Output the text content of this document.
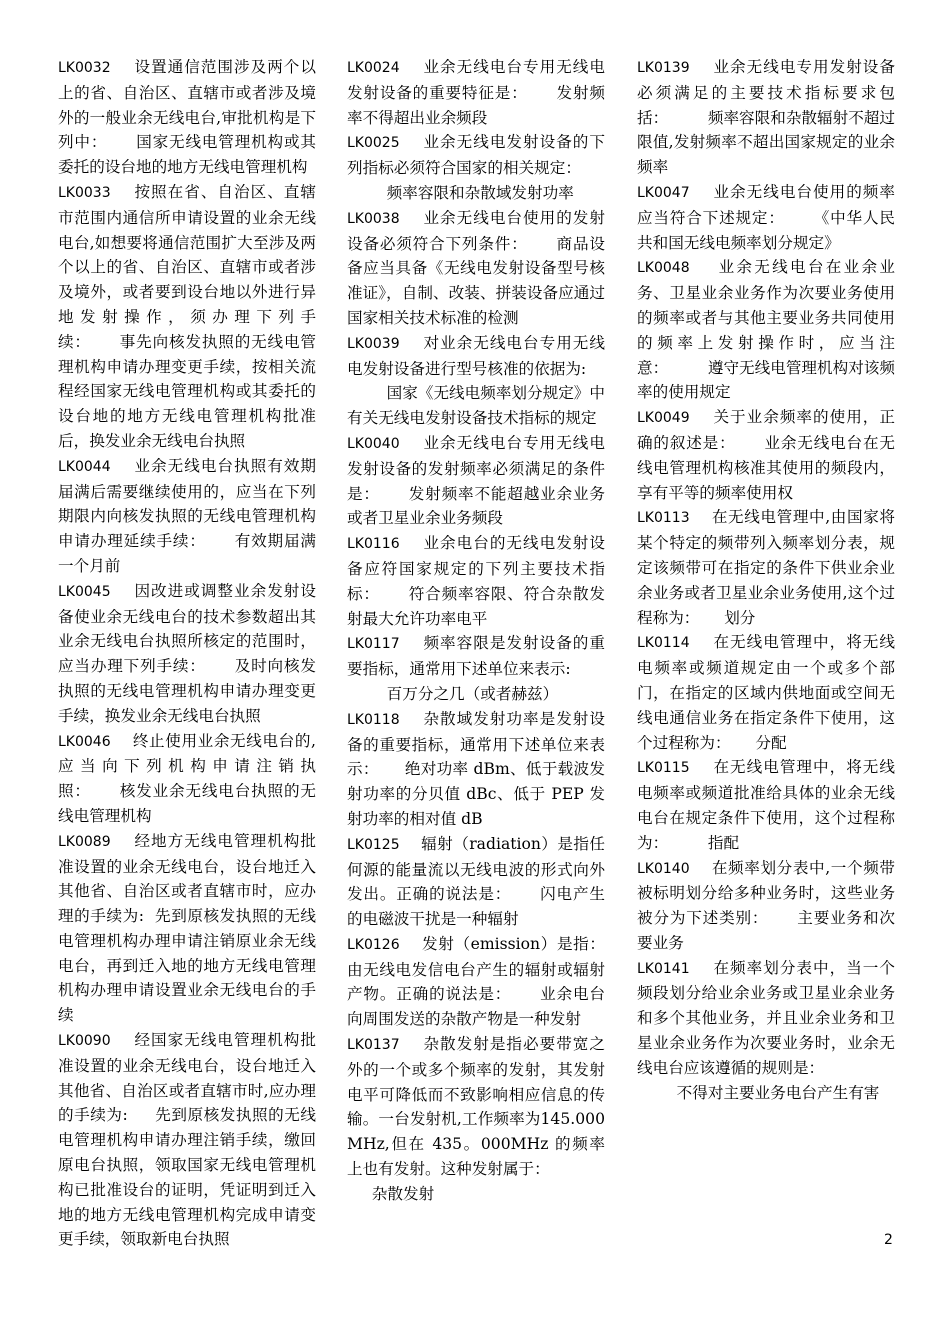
LK0032 设置通信范围涉及两个以上的省、自治区、直辖市或者涉及境外的一般业余无线电台,审批机构是下列中： 国家无线电管理机构或其委托的设台地的地方无线电管理机构

LK0033 按照在省、自治区、直辖市范围内通信所申请设置的业余无线电台,如想要将通信范围扩大至涉及两个以上的省、自治区、直辖市或者涉及境外，或者要到设台地以外进行异地发射操作，须办理下列手续： 事先向核发执照的无线电管理机构申请办理变更手续，按相关流程经国家无线电管理机构或其委托的设台地的地方无线电管理机构批准后，换发业余无线电台执照

LK0044 业余无线电台执照有效期届满后需要继续使用的，应当在下列期限内向核发执照的无线电管理机构申请办理延续手续： 有效期届满一个月前

LK0045 因改进或调整业余发射设备使业余无线电台的技术参数超出其业余无线电台执照所核定的范围时，应当办理下列手续： 及时向核发执照的无线电管理机构申请办理变更手续，换发业余无线电台执照

LK0046 终止使用业余无线电台的,应当向下列机构申请注销执照： 核发业余无线电台执照的无线电管理机构

LK0089 经地方无线电管理机构批准设置的业余无线电台，设台地迁入其他省、自治区或者直辖市时，应办理的手续为: 先到原核发执照的无线电管理机构办理申请注销原业余无线电台，再到迁入地的地方无线电管理机构办理申请设置业余无线电台的手续

LK0090 经国家无线电管理机构批准设置的业余无线电台，设台地迁入其他省、自治区或者直辖市时,应办理的手续为: 先到原核发执照的无线电管理机构申请办理注销手续，缴回原电台执照，领取国家无线电管理机构已批准设台的证明，凭证明到迁入地的地方无线电管理机构完成申请变更手续，领取新电台执照

LK0024 业余无线电台专用无线电发射设备的重要特征是： 发射频率不得超出业余频段

LK0025 业余无线电发射设备的下列指标必须符合国家的相关规定：
频率容限和杂散域发射功率

LK0038 业余无线电台使用的发射设备必须符合下列条件： 商品设备应当具备《无线电发射设备型号核准证》，自制、改装、拼装设备应通过国家相关技术标准的检测

LK0039 对业余无线电台专用无线电发射设备进行型号核准的依据为:
国家《无线电频率划分规定》中有关无线电发射设备技术指标的规定

LK0040 业余无线电台专用无线电发射设备的发射频率必须满足的条件是： 发射频率不能超越业余业务或者卫星业余业务频段

LK0116 业余电台的无线电发射设备应符国家规定的下列主要技术指标： 符合频率容限、符合杂散发射最大允许功率电平

LK0117 频率容限是发射设备的重要指标，通常用下述单位来表示:
百万分之几（或者赫兹）

LK0118 杂散域发射功率是发射设备的重要指标，通常用下述单位来表示： 绝对功率 dBm、低于载波发射功率的分贝值 dBc、低于 PEP 发射功率的相对值 dB

LK0125 辐射（radiation）是指任何源的能量流以无线电波的形式向外发出。正确的说法是： 闪电产生的电磁波干扰是一种辐射

LK0126 发射（emission）是指：由无线电发信电台产生的辐射或辐射产物。正确的说法是： 业余电台向周围发送的杂散产物是一种发射

LK0137 杂散发射是指必要带宽之外的一个或多个频率的发射，其发射电平可降低而不致影响相应信息的传输。一台发射机,工作频率为145.000MHz,但在 435。000MHz 的频率上也有发射。这种发射属于：
杂散发射

LK0139 业余无线电专用发射设备必须满足的主要技术指标要求包括：	频率容限和杂散辐射不超过限值,发射频率不超出国家规定的业余频率

LK0047 业余无线电台使用的频率应当符合下述规定： 《中华人民共和国无线电频率划分规定》

LK0048 业余无线电台在业余业务、卫星业余业务作为次要业务使用的频率或者与其他主要业务共同使用的频率上发射操作时，应当注意：	遵守无线电管理机构对该频率的使用规定

LK0049 关于业余频率的使用，正确的叙述是： 业余无线电台在无线电管理机构核准其使用的频段内，享有平等的频率使用权

LK0113 在无线电管理中,由国家将某个特定的频带列入频率划分表，规定该频带可在指定的条件下供业余业余业务或者卫星业余业务使用,这个过程称为： 划分

LK0114 在无线电管理中，将无线电频率或频道规定由一个或多个部门，在指定的区域内供地面或空间无线电通信业务在指定条件下使用，这个过程称为： 分配

LK0115 在无线电管理中，将无线电频率或频道批准给具体的业余无线电台在规定条件下使用，这个过程称为：	指配

LK0140 在频率划分表中,一个频带被标明划分给多种业务时，这些业务被分为下述类别： 主要业务和次要业务

LK0141 在频率划分表中，当一个频段划分给业余业务或卫星业余业务和多个其他业务，并且业余业务和卫星业余业务作为次要业务时，业余无线电台应该遵循的规则是：
不得对主要业务电台产生有害

2
